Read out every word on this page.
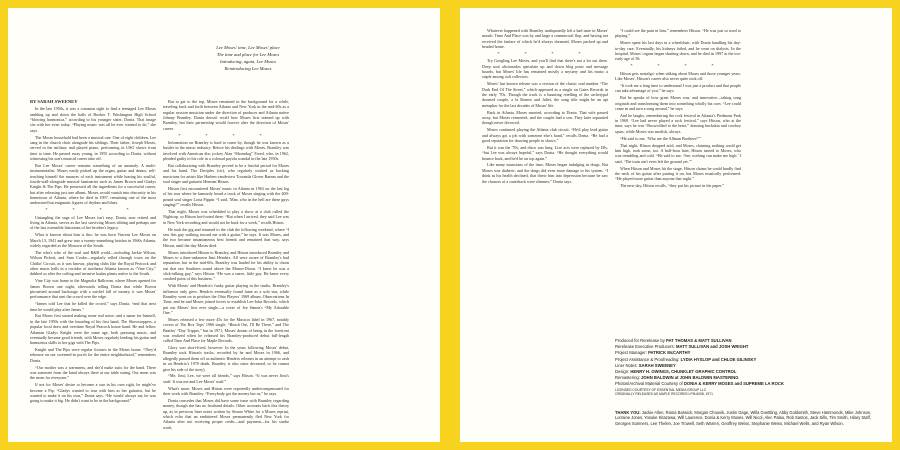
Lee Moses' time, Lee Moses' place
The time and place for Lee Moses
Introducing, again, Lee Moses
Reintroducing Lee Moses
BY SARAH SWEENEY

In the late 1950s, it was a common sight to find a teenaged Lee Moses ambling up and down the halls of Booker T. Washington High School “blowing harmonica,” according to his younger sister, Donia. That image sits with her even today. “Playing music was all he ever wanted to do,” she says.

The Moses household had been a musical one. One of eight children, Lee sang in the church choir alongside his siblings. Their father, Joseph Moses, served in the military and played piano, performing in USO shows from time to time. He passed away young, in 1955 according to Donia, without witnessing his son's musical career take off.

But Lee Moses' career remains something of an anomaly. A multi-instrumentalist, Moses easily picked up the organ, guitar and drums, self-teaching himself the nuances of each instrument while honing his soulful, fourth-wall-alongside musical luminaries such as James Brown and Gladys Knight & The Pips. He possessed all the ingredients for a successful career, but after releasing just one album, Moses would vanish into obscurity in his hometown of Atlanta, where he died in 1997, remaining one of the most underrated but enigmatic figures of rhythm and blues.

* * * *

Untangling the saga of Lee Moses isn't easy. Donia, now retired and living in Atlanta, serves as the last surviving Moses sibling and perhaps one of the last ostensible historians of her brother's legacy.

What is known about him is this: he was born Vincent Lee Moses on March 13, 1941 and grew into a twenty-something hotshot in 1960s Atlanta, widely regarded as the Motown of the South.

The who's who of the soul and R&B world—including Jackie Wilson, Wilson Pickett, and Sam Cooke—regularly rolled through town on the Chitlin' Circuit, as it was known, playing clubs like the Royal Peacock and other music halls in a corridor of northeast Atlanta known as “Vine City,” dubbed so after the coiling and invasive kudzu plants native to the South.

Vine City was home to the Magnolia Ballroom, where Moses opened for James Brown one night, afterwards telling Donia that while Brown pirouetted around backstage with a satchel full of money, it was Moses' performance that sent the crowd over the edge.

“James told Lee that he killed the crowd,” says Donia, “and that next time he would play after James.”

But Moses first started making some real noise, and a name for himself, in the late 1950s with the founding of his first band, The Showstoppers, a popular local draw and overtime Royal Peacock house band. He and fellow Atlantan Gladys Knight were the same age, both pursuing music, and eventually became good friends, with Moses regularly lending his guitar and harmonica skills to her gigs with The Pips.

Knight and The Pips were regular fixtures in the Moses home. “They'd rehearse on our screened-in porch for the entire neighborhood,” remembers Donia.

“Our mother was a warmness, and she'd make suits for the band. There was someone from the band always there at our table eating. Our mom was the mom for everyone.”

If not for Moses' desire to become a star in his own right, he might've become a Pip. “Gladys wanted to tour with him as her guitarist, but he wanted to make it on his own,” Donia says. “He would always say he was going to make it big. He didn't want to be in the background.”

But to get to the top, Moses remained in the background for a while, traveling back and forth between Atlanta and New York in the mid-60s as a regular session musician under the direction of producer and Atlanta native Johnny Brantley. Donia doesn't recall how Moses first teamed up with Brantley, but their partnership would forever alter the direction of Moses' career.

* * * *

Information on Brantley is hard to come by, though he was known as a hustler in the music industry. Before his dealings with Moses, Brantley was involved with American disc jockey Alan “Moondog” Freed, who, in 1962, pleaded guilty to his role in a colossal payola scandal in the late 1950s.

But collaborating with Brantley proved to be a fruitful period for Moses and his band. The Deciples (sic), who regularly worked as backing musicians for artists like Harlem vaudeview Towanda Glover Barnes and the soul singer and guitarist Herman Hitson.

Hitson first encountered Moses' music in Atlanta in 1963 on the last leg of his tour where he famously heard a track of Moses singing with the 400-pound soul singer Loria Pippin. “I said, 'Man, who in the hell are these guys singing?'” recalls Hitson.

That night, Moses was scheduled to play a show at a club called the Nightcap, so Hitson hot-footed there. “But when I arrived, they said Lee was in New York recording and would not be back for a week,” recalls Hitson.

He took the gig and returned to the club the following weekend, where “I saw this guy walking toward me with a guitar,” he says. It was Moses, and the two became instantaneous best friends and remained that way, says Hitson, until the day Moses died.

Moses introduced Hitson to Brantley, and Hitson introduced Brantley and Moses to a then-unknown Jimi Hendrix. All were aware of Brantley's bad reputation, but in the mid-60s, Brantley was lauded for his ability to churn out that raw Southern sound above the Mason-Dixon. “I knew he was a slick-talking guy,” says Hitson. “He was a suave, little guy. He knew every crooked point of this business.”

With Moses' and Hendrix's funky guitar playing in the studio, Brantley's influence only grew. Hendrix eventually found fame as a solo star, while Brantley went on to produce the Ohio Players' 1969 album, Observations In Time, and he and Moses joined forces to establish Lee-John Records, which put out Moses' first ever single—a cover of Joe Simon's “My Adorable One.”

Moses released a few more 45s for the Musicor label in 1967, notably covers of The Box Tops' 1966 single, “Reach Out, I'll Be There,” and The Beatles' “Day Tripper,” but in 1971, Moses' dream of being in the forefront was realized when he released his Brantley-produced debut full-length called Time And Place for Maple Records.

Glory was short-lived, however. In the years following Moses' debut, Brantley took Hitson's tracks, recorded by he and Moses in 1966, and allegedly passed them off as authentic Hendrix releases in an attempt to cash in on Hendrix's 1970 death. Brantley is also since deceased, so he cannot give his side of the story).

“Me, Jimi, Lee, we were all friends,” says Hitson. “It was never Jimi's stuff. It was me and Lee Moses' stuff.”

What's more, Moses and Hitson were reportedly undercompensated for their work with Brantley. “Everybody got the money but us,” he says.

Donia concedes that Moses did have some issue with Brantley regarding money, though she has no firsthand details. Other accounts back this theory up, as in previous liner notes written by Simon White for a Moses reprint, which echo that an embittered Moses permanently fled New York for Atlanta after not receiving proper credit—and payment—for his studio work.

Whatever happened with Brantley undisputedly left a bad taste in Moses' mouth. Time And Place was by and large a commercial flop, and having not received the fanfare of which he'd always dreamed, Moses packed up and headed home.

* * * *

Try Googling Lee Moses, and you'll find that there's not a lot out there. Deep soul aficionados speculate up and down blog posts and message boards, but Moses' life has remained mostly a mystery and his music a staple among cult collectors.

Moses' last known release was a version of the classic soul number “The Dark End Of The Street,” which appeared as a single on Gates Records in the early '70s. Though the track is a haunting retelling of the archetypal doomed couple, a la Romeo and Juliet, the song title might be an apt metaphor for the last decades of Moses' life.

Back in Atlanta, Moses married, according to Donia. That wife passed away, but Moses remarried, and the couple had a son. They later separated though never divorced.

Moses continued playing the Atlanta club circuit. “He'd play lead guitar and always got a job with someone else's band,” recalls Donia. “He had a good reputation for drawing people to shows.”

But it was the '70s, and disco was king. Live acts were replaced by DJs, “but Lee was always hopeful,” says Donia. “He thought everything would bounce back, and he'd be on top again.”

Like many musicians of the time, Moses began indulging in drugs. But Moses was diabetic, and the drugs did even more damage to his system. “I think as his health declined, that threw him into depression because he saw the chances of a comeback were slimmer,” Donia says.

“I could see the pain in him,” remembers Hitson. “He was just so used to playing.”

Moses spent his last days in a wheelchair, with Donia handling his day-to-day care. Eventually, his kidneys failed, and he went on dialysis. In the hospital, Moses' organs began shutting down, and he died in 1997 at the too-early age of 56.

* * * *

Hitson gets nostalgic when talking about Moses and those younger years. Like Moses', Hitson's career also never quite took off.

“It took me a long time to understand I was just a product and that people can take advantage of you,” he says.

But he speaks of how great Moses was, and innovative—taking song originals and transforming them into something wholly his own. “Lee could come in and turn a song around,” he says.

And he laughs, remembering the rock festival in Atlanta's Piedmont Park in 1969. “Lee had never played a rock festival,” says Hitson, who at the time, says he was “Boswichled to the bone,” donning buckskin and cowboy spurs, while Moses was modish, always.

“He said to me, ‘Who are the Allman Brothers?’”

That night, Hitson dropped acid, and Moses, claiming nothing could get him high, took some, too. A half-hour later, Hitson turned to Moses, who was trembling and cold. “He said to me, ‘See, nothing can make me high.’ I said, ‘The train ain't even left the ground yet.’”

When Hitson and Moses hit the stage, Hitson claims he could hardly find the neck of his guitar after putting it on, but Moses musically performed. “He played more guitar than anyone that night.”

The next day, Hitson recalls, “they put his picture in the paper.”

Produced for Rerelease by PAT THOMAS & MATT SULLIVAN
Rerelease Executive Producers: MATT SULLIVAN and JOSH WRIGHT
Project Manager: PATRICK McCARTHY
Project Assistance & Proofreading: LYDIA HYSLOP and CHLOE GILINSKY
Liner Notes: SARAH SWEENEY
Design: HENRY H. OWINGS, CHUNKLET GRAPHIC CONTROL
Remastering: JOHN BALDWIN at JOHN BALDWIN MASTERING
Photos/Archival Material Courtesy of DONIA & KERRY MOSES and SUPREME LA ROCK
LICENSED COURTESY OF ESSENTIAL MEDIA GROUP LLC
ORIGINALLY RELEASED AS MAPLE RECORDS LPM-6008, 1971
THANK YOU: Jackie Allen, Rama Barwick, Morgan Chouvik, Justin Gage, Willa Goettling, Abby Goldsmith, Steve Hammonds, Mike Johnson, Lorraine Jones, Yosuke Kitazawa, Will Laurence, Donia & Kerry Moses, Will Nicol, Alec Palao, Rob Santos, Jack Sills, Tim Smith, Hilary Staff, Georges Sumners, Lee Thelen, Joe Trowell, Seth Warren, Geoffrey Weiss, Stephanie Weiss, Michael Wells, and Ryan Wilson.
